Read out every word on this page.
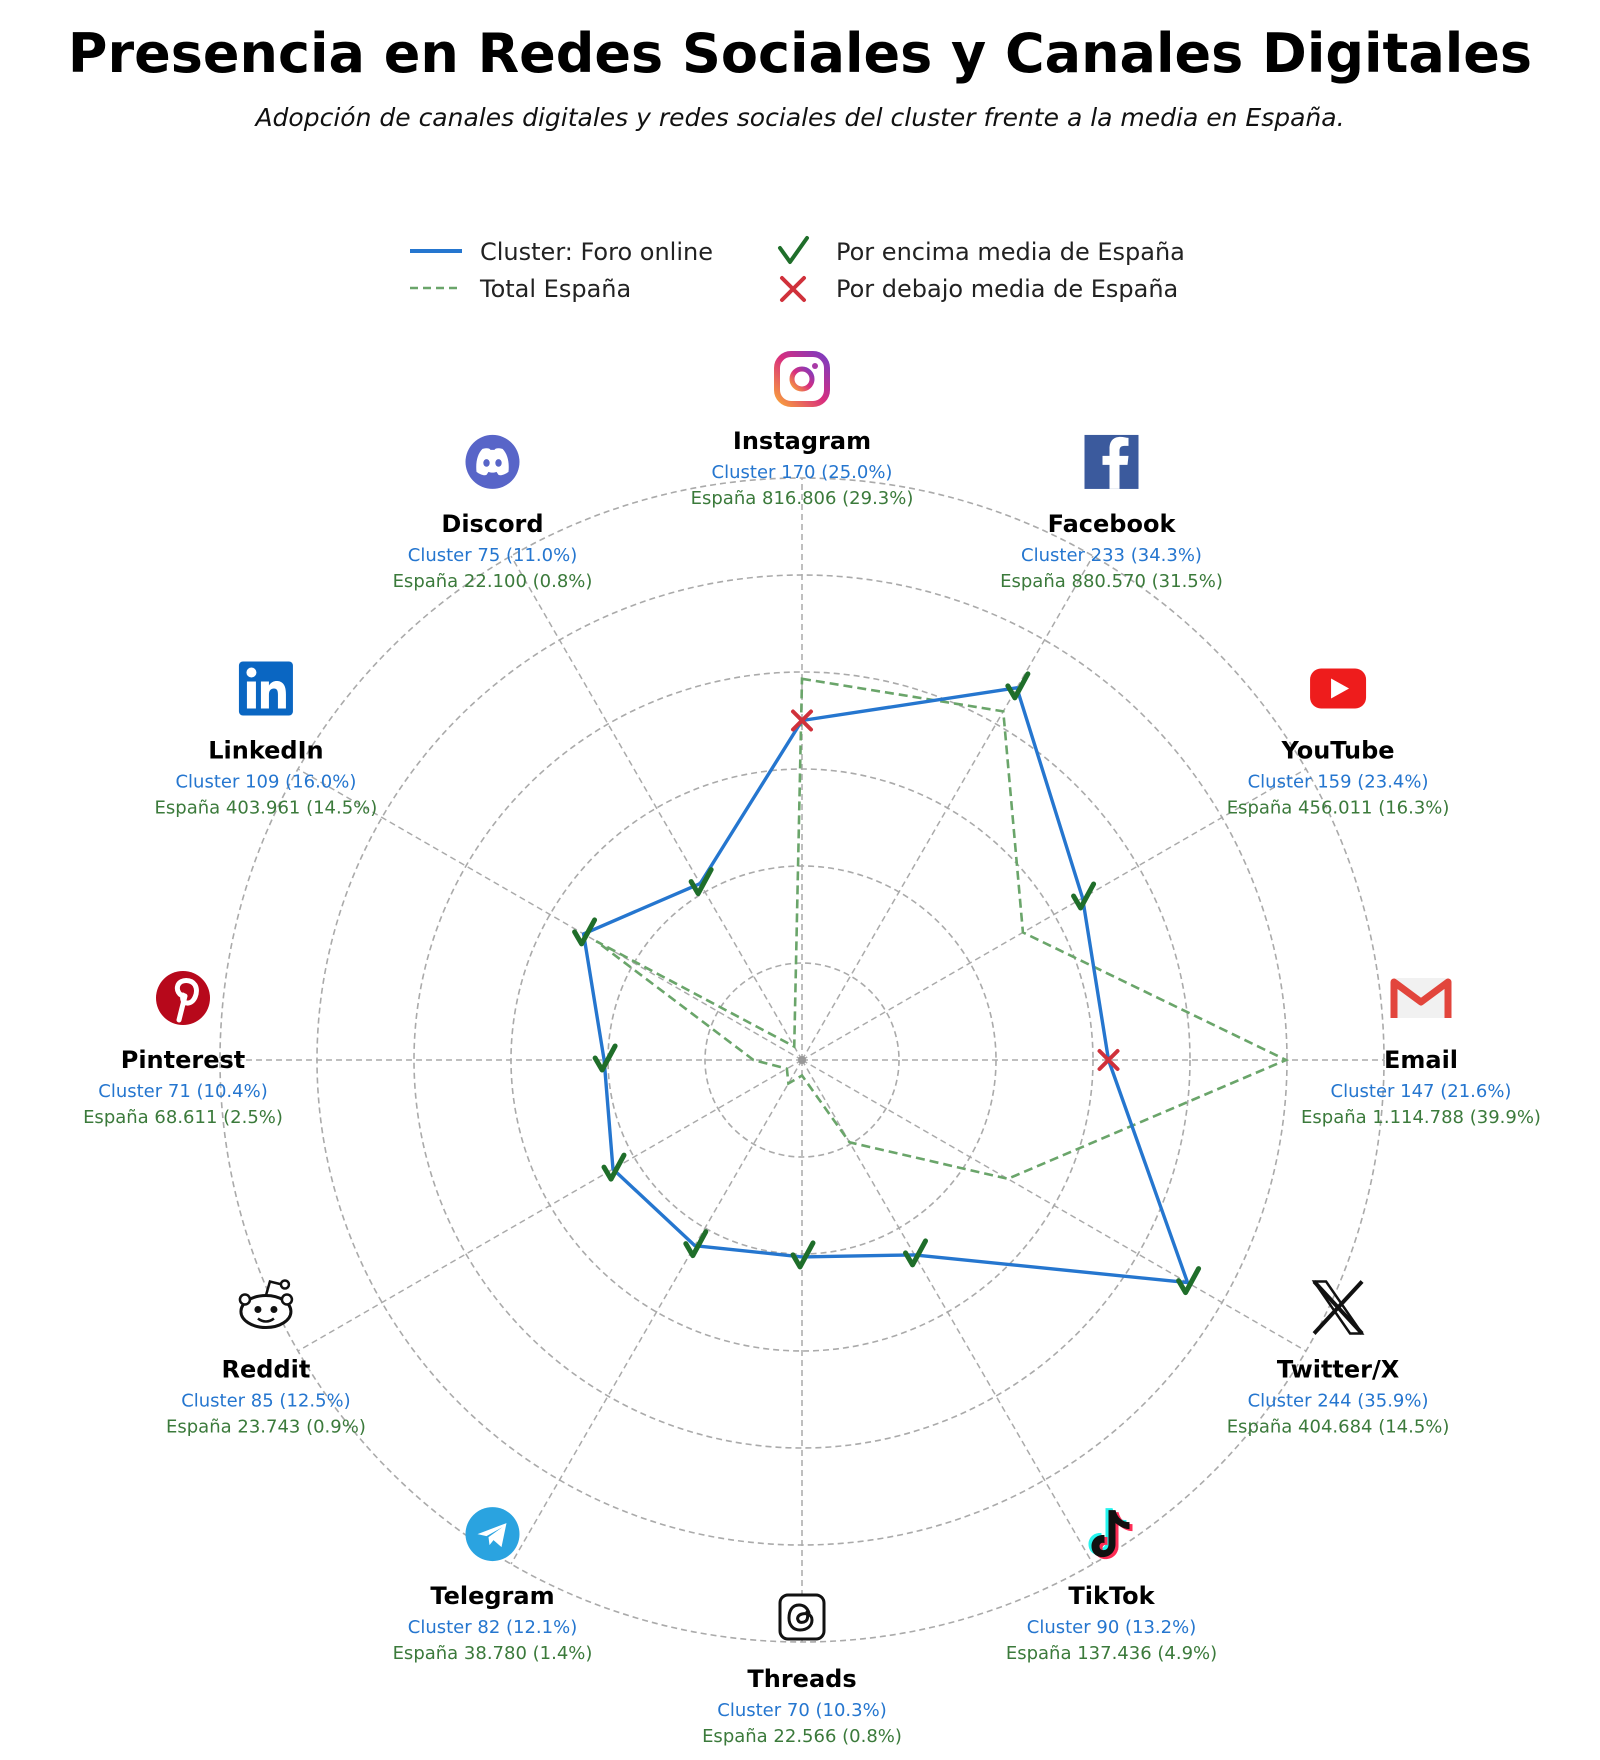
Instagram
Cluster 170 (25.0%)
España 816.806 (29.3%)
Facebook
Cluster 233 (34.3%)
España 880.570 (31.5%)
YouTube
Cluster 159 (23.4%)
España 456.011 (16.3%)
Email
Cluster 147 (21.6%)
España 1.114.788 (39.9%)
Twitter/X
Cluster 244 (35.9%)
España 404.684 (14.5%)
TikTok
Cluster 90 (13.2%)
España 137.436 (4.9%)
Threads
Cluster 70 (10.3%)
España 22.566 (0.8%)
Telegram
Cluster 82 (12.1%)
España 38.780 (1.4%)
Reddit
Cluster 85 (12.5%)
España 23.743 (0.9%)
Pinterest
Cluster 71 (10.4%)
España 68.611 (2.5%)
LinkedIn
Cluster 109 (16.0%)
España 403.961 (14.5%)
Discord
Cluster 75 (11.0%)
España 22.100 (0.8%)
Cluster: Foro online
Total España
Por encima media de España
Por debajo media de España
Presencia en Redes Sociales y Canales Digitales

Adopción de canales digitales y redes sociales del cluster frente a la media en España.
